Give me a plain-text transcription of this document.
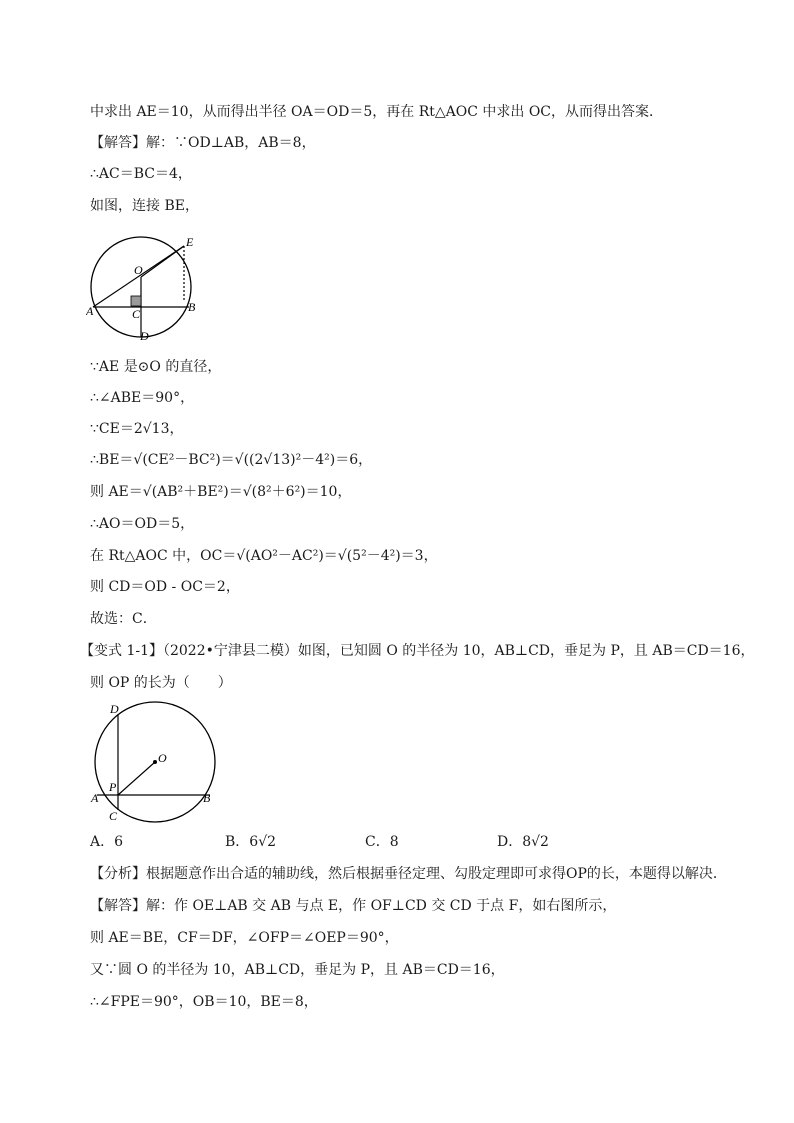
中求出 AE＝10，从而得出半径 OA＝OD＝5，再在 Rt△AOC 中求出 OC，从而得出答案．
【解答】解：∵OD⊥AB，AB＝8，
∴AC＝BC＝4，
如图，连接 BE，
E
O
A	C	B
D
∵AE 是⊙O 的直径，
∴∠ABE＝90°，
∵CE＝2√13，
∴BE＝√(CE²－BC²)＝√((2√13)²－4²)＝6，
则 AE＝√(AB²＋BE²)＝√(8²＋6²)＝10，
∴AO＝OD＝5，
在 Rt△AOC 中，OC＝√(AO²－AC²)＝√(5²－4²)＝3，
则 CD＝OD - OC＝2，
故选：C．
【变式 1-1】（2022•宁津县二模）如图，已知圆 O 的半径为 10，AB⊥CD，垂足为 P，且 AB＝CD＝16，
则 OP 的长为（　　）
D
O
P
A	B
C
A．6	B．6√2	C．8	D．8√2
【分析】根据题意作出合适的辅助线，然后根据垂径定理、勾股定理即可求得OP的长，本题得以解决．
【解答】解：作 OE⊥AB 交 AB 与点 E，作 OF⊥CD 交 CD 于点 F，如右图所示，
则 AE＝BE，CF＝DF，∠OFP＝∠OEP＝90°，
又∵圆 O 的半径为 10，AB⊥CD，垂足为 P，且 AB＝CD＝16，
∴∠FPE＝90°，OB＝10，BE＝8，
